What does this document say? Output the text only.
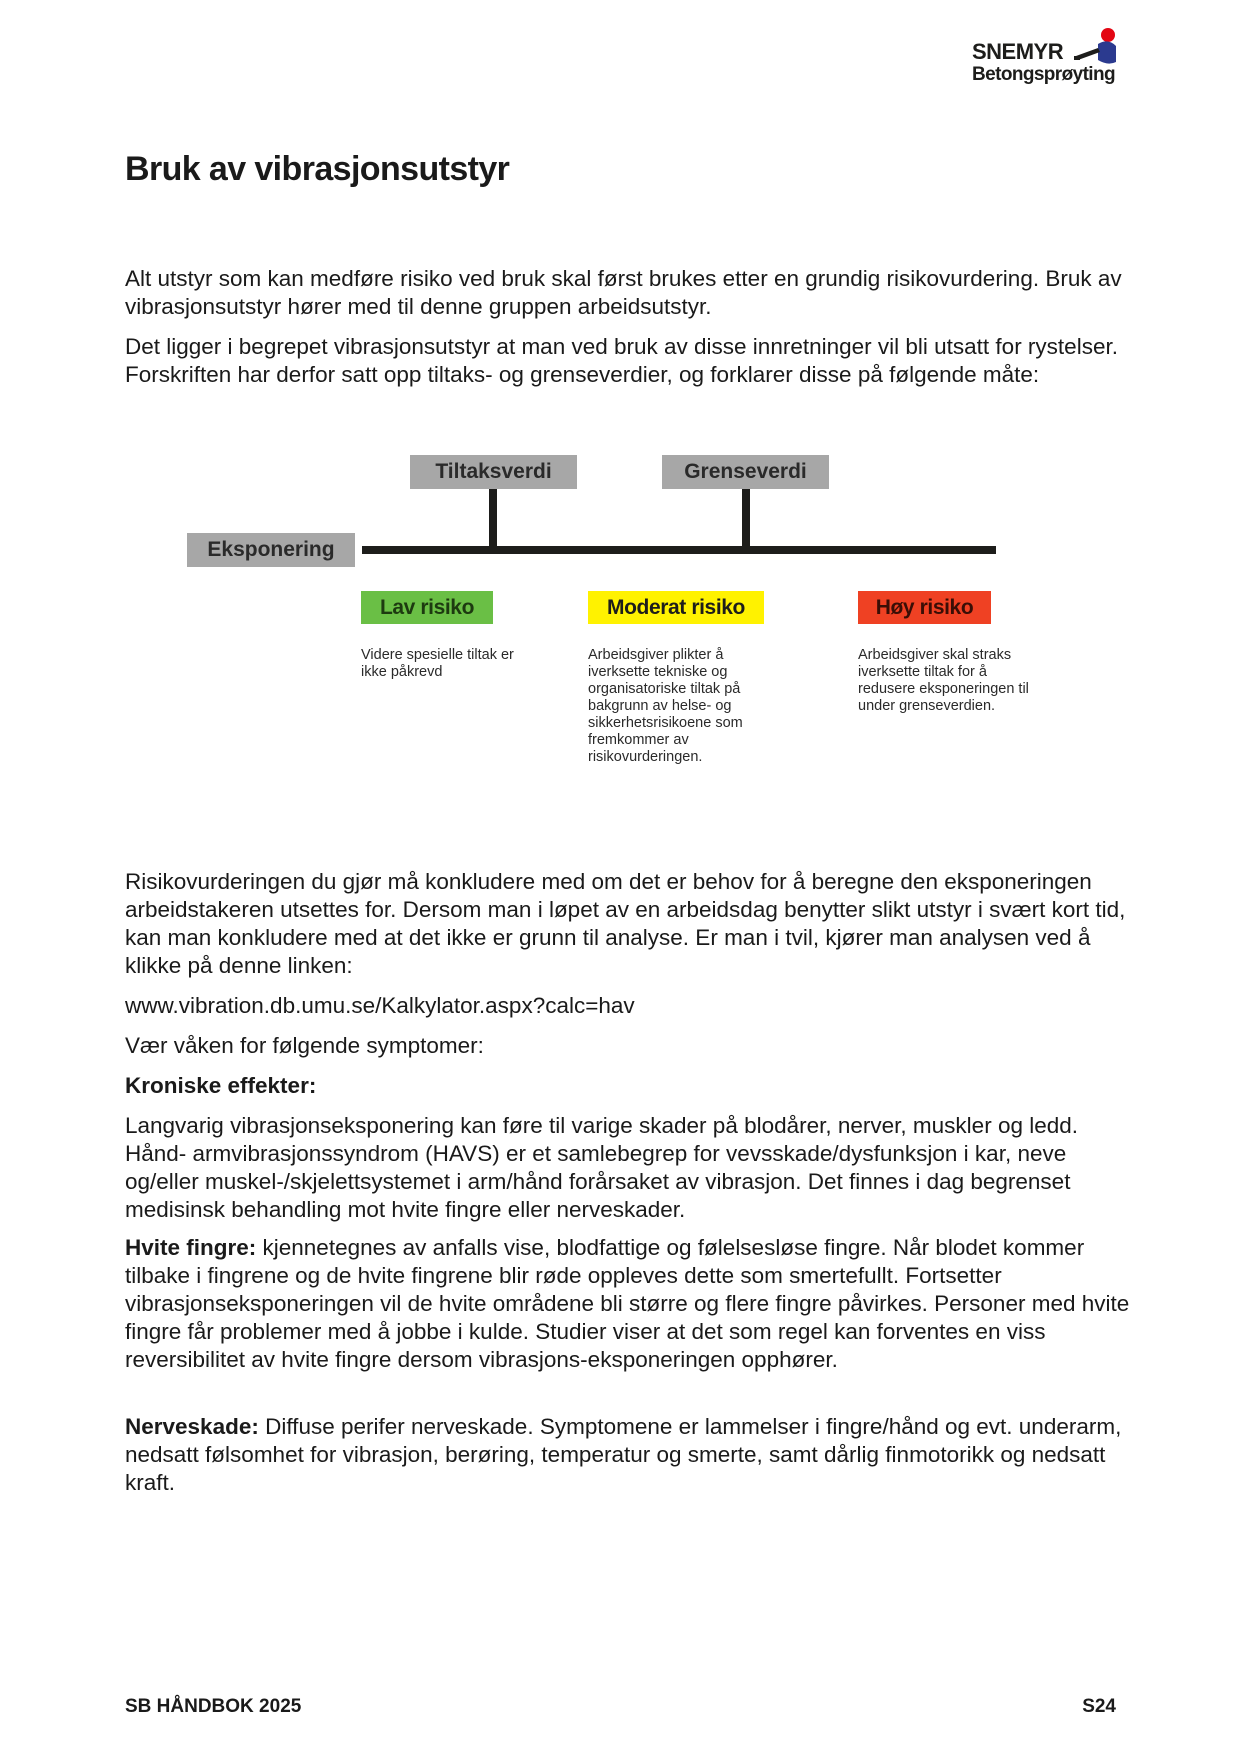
SNEMYR
Betongsprøyting
Bruk av vibrasjonsutstyr

Alt utstyr som kan medføre risiko ved bruk skal først brukes etter en grundig risikovurdering. Bruk av vibrasjonsutstyr hører med til denne gruppen arbeidsutstyr.

Det ligger i begrepet vibrasjonsutstyr at man ved bruk av disse innretninger vil bli utsatt for rystelser. Forskriften har derfor satt opp tiltaks- og grenseverdier, og forklarer disse på følgende måte:

Eksponering
Tiltaksverdi	Grenseverdi
Lav risiko	Moderat risiko	Høy risiko

Videre spesielle tiltak er ikke påkrevd

Arbeidsgiver plikter å iverksette tekniske og organisatoriske tiltak på bakgrunn av helse- og sikkerhetsrisikoene som fremkommer av risikovurderingen.

Arbeidsgiver skal straks iverksette tiltak for å redusere eksponeringen til under grenseverdien.

Risikovurderingen du gjør må konkludere med om det er behov for å beregne den eksponeringen arbeidstakeren utsettes for. Dersom man i løpet av en arbeidsdag benytter slikt utstyr i svært kort tid, kan man konkludere med at det ikke er grunn til analyse. Er man i tvil, kjører man analysen ved å klikke på denne linken:

www.vibration.db.umu.se/Kalkylator.aspx?calc=hav

Vær våken for følgende symptomer:

Kroniske effekter:

Langvarig vibrasjonseksponering kan føre til varige skader på blodårer, nerver, muskler og ledd. Hånd- armvibrasjonssyndrom (HAVS) er et samlebegrep for vevsskade/dysfunksjon i kar, neve og/eller muskel-/skjelettsystemet i arm/hånd forårsaket av vibrasjon. Det finnes i dag begrenset medisinsk behandling mot hvite fingre eller nerveskader.

Hvite fingre: kjennetegnes av anfalls vise, blodfattige og følelsesløse fingre. Når blodet kommer tilbake i fingrene og de hvite fingrene blir røde oppleves dette som smertefullt. Fortsetter vibrasjonseksponeringen vil de hvite områdene bli større og flere fingre påvirkes. Personer med hvite fingre får problemer med å jobbe i kulde. Studier viser at det som regel kan forventes en viss reversibilitet av hvite fingre dersom vibrasjons-eksponeringen opphører.

Nerveskade: Diffuse perifer nerveskade. Symptomene er lammelser i fingre/hånd og evt. underarm, nedsatt følsomhet for vibrasjon, berøring, temperatur og smerte, samt dårlig finmotorikk og nedsatt kraft.

SB HÅNDBOK 2025	S24
